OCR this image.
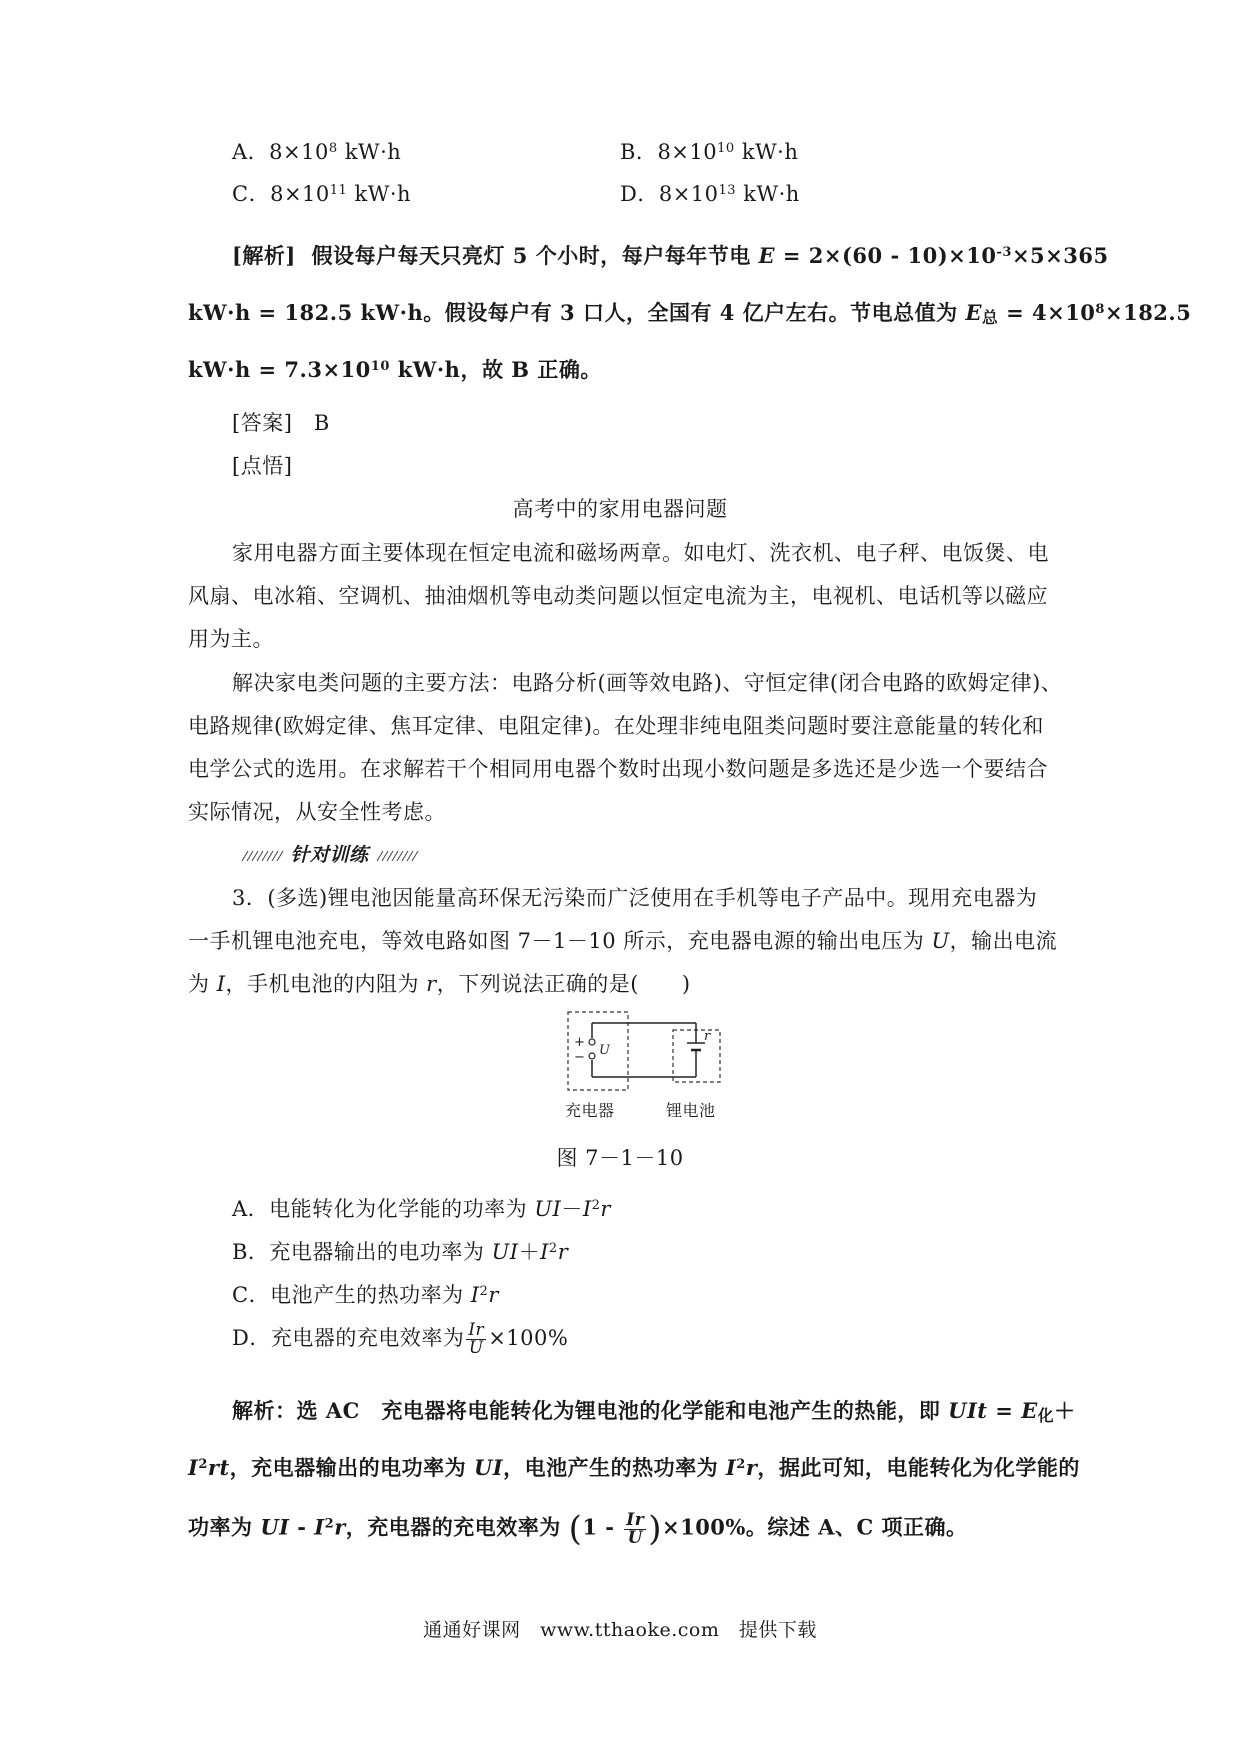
A．$8\times 10^8$ kW·h	B．$8\times 10^{10}$ kW·h
C．$8\times 10^{11}$ kW·h	D．$8\times 10^{13}$ kW·h
[解析] 假设每户每天只亮灯 5 个小时，每户每年节电 $E = 2\times(60 - 10)\times 10^{-3}\times 5\times 365$
kW·h = 182.5 kW·h。假设每户有 3 口人，全国有 4 亿户左右。节电总值为 $E_总 = 4\times 10^8\times 182.5$
$kW\cdot h = 7.3\times 10^{10}$ kW·h，故 B 正确。
[答案] B
[点悟]
高考中的家用电器问题
家用电器方面主要体现在恒定电流和磁场两章。如电灯、洗衣机、电子秤、电饭煲、电
风扇、电冰箱、空调机、抽油烟机等电动类问题以恒定电流为主，电视机、电话机等以磁应
用为主。
解决家电类问题的主要方法：电路分析(画等效电路)、守恒定律(闭合电路的欧姆定律)、
电路规律(欧姆定律、焦耳定律、电阻定律)。在处理非纯电阻类问题时要注意能量的转化和
电学公式的选用。在求解若干个相同用电器个数时出现小数问题是多选还是少选一个要结合
实际情况，从安全性考虑。
针对训练
3．(多选)锂电池因能量高环保无污染而广泛使用在手机等电子产品中。现用充电器为
一手机锂电池充电，等效电路如图 7－1－10 所示，充电器电源的输出电压为 U，输出电流
为 I，手机电池的内阻为 r，下列说法正确的是(　　)
+
− U
r
充电器	锂电池
图 7－1－10
A．电能转化为化学能的功率为 $UI-I^2r$
B．充电器输出的电功率为 $UI+I^2r$
C．电池产生的热功率为 $I^2r$
D．充电器的充电效率为 $\frac{Ir}{U} \times 100\%$
解析：选 AC　充电器将电能转化为锂电池的化学能和电池产生的热能，即 UIt = $E_化+$
$I^2rt$，充电器输出的电功率为 UI，电池产生的热功率为 $I^2r$，据此可知，电能转化为化学能的
功率为 UI - $I^2r$，充电器的充电效率为 $(1 - \frac{Ir}{U} )\times 100\%$。综述 A、C 项正确。
通通好课网　www.tthaoke.com　提供下载
